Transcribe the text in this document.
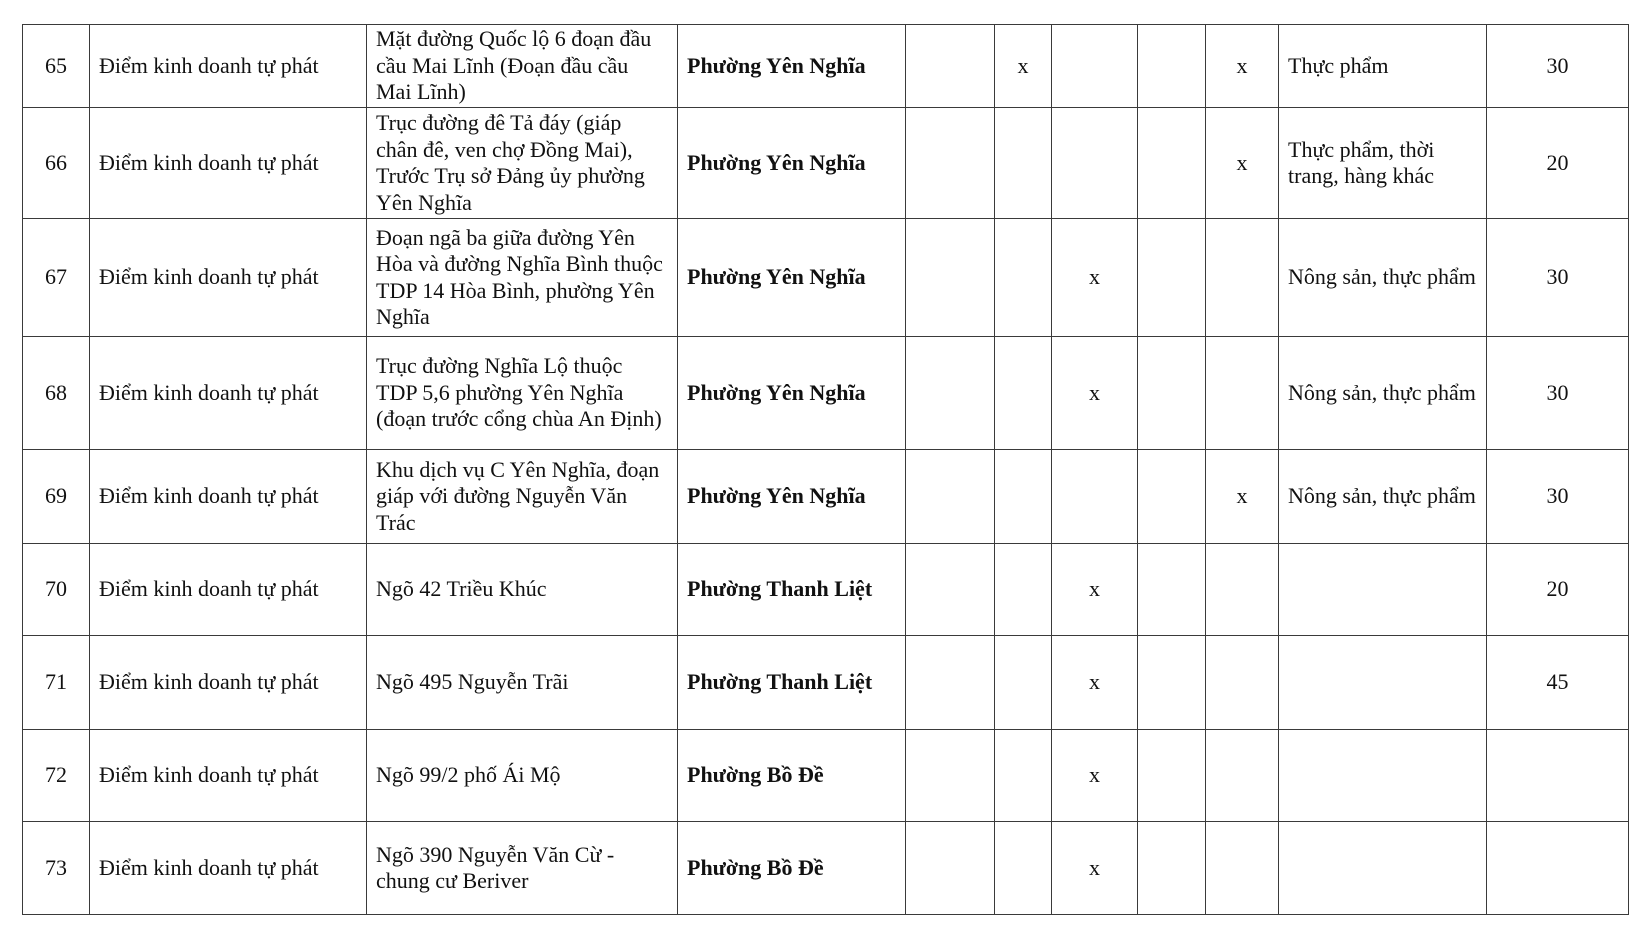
65	Điểm kinh doanh tự phát	Mặt đường Quốc lộ 6 đoạn đầu cầu Mai Lĩnh (Đoạn đầu cầu Mai Lĩnh)	Phường Yên Nghĩa		x			x	Thực phẩm	30
66	Điểm kinh doanh tự phát	Trục đường đê Tả đáy (giáp chân đê, ven chợ Đồng Mai), Trước Trụ sở Đảng ủy phường Yên Nghĩa	Phường Yên Nghĩa					x	Thực phẩm, thời trang, hàng khác	20
67	Điểm kinh doanh tự phát	Đoạn ngã ba giữa đường Yên Hòa và đường Nghĩa Bình thuộc TDP 14 Hòa Bình, phường Yên Nghĩa	Phường Yên Nghĩa			x			Nông sản, thực phẩm	30
68	Điểm kinh doanh tự phát	Trục đường Nghĩa Lộ thuộc TDP 5,6 phường Yên Nghĩa (đoạn trước cổng chùa An Định)	Phường Yên Nghĩa			x			Nông sản, thực phẩm	30
69	Điểm kinh doanh tự phát	Khu dịch vụ C Yên Nghĩa, đoạn giáp với đường Nguyễn Văn Trác	Phường Yên Nghĩa					x	Nông sản, thực phẩm	30
70	Điểm kinh doanh tự phát	Ngõ 42 Triều Khúc	Phường Thanh Liệt			x				20
71	Điểm kinh doanh tự phát	Ngõ 495 Nguyễn Trãi	Phường Thanh Liệt			x				45
72	Điểm kinh doanh tự phát	Ngõ 99/2 phố Ái Mộ	Phường Bồ Đề			x				
73	Điểm kinh doanh tự phát	Ngõ 390 Nguyễn Văn Cừ - chung cư Beriver	Phường Bồ Đề			x				
